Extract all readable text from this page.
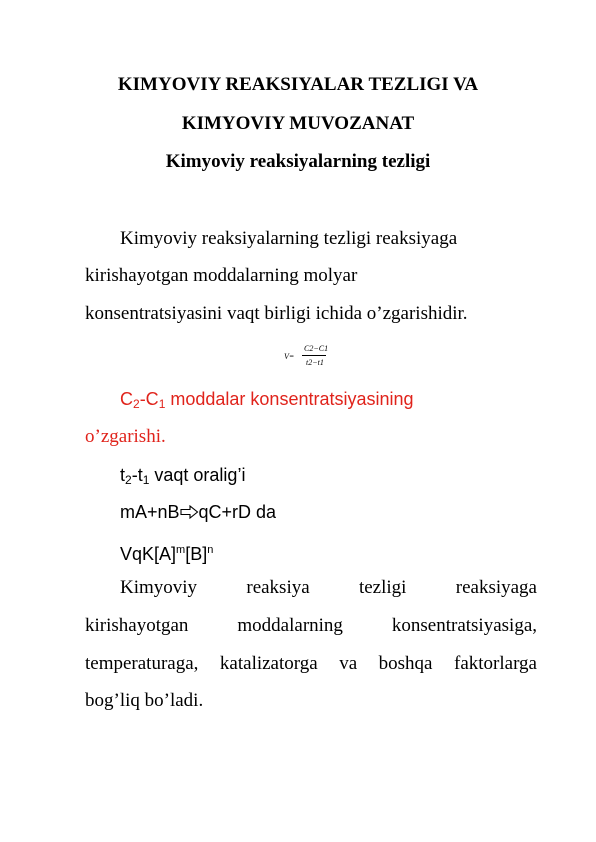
KIMYOVIY REAKSIYALAR TEZLIGI VA
KIMYOVIY MUVOZANAT
Kimyoviy reaksiyalarning tezligi
Kimyoviy reaksiyalarning tezligi reaksiyaga
kirishayotgan moddalarning molyar
konsentratsiyasini vaqt birligi ichida o’zgarishidir.
V=
C2−C1
t2−t1
$C_2-C_1$ moddalar konsentratsiyasining
o’zgarishi.
$t_2-t_1$ vaqt oralig’i
mA+nB qC+rD da
$VqK[A]^m[B]^n$
Kimyoviy reaksiya tezligi reaksiyaga
kirishayotgan moddalarning konsentratsiyasiga,
temperaturaga, katalizatorga va boshqa faktorlarga
bog’liq bo’ladi.
